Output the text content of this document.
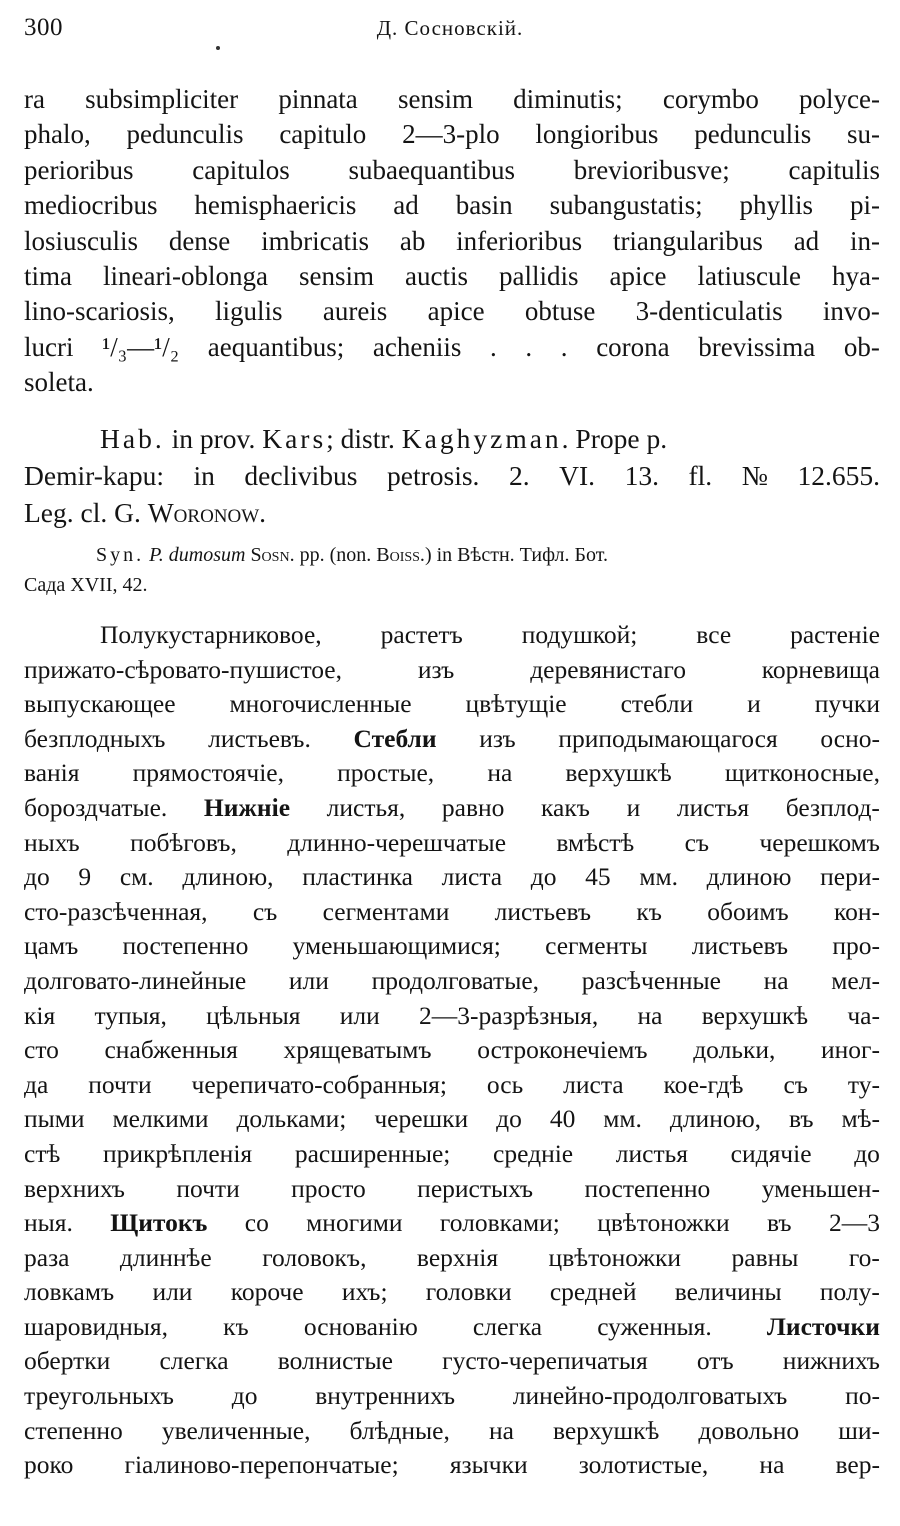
300	Д. Сосновскій.
ra subsimpliciter pinnata sensim diminutis; corymbo polyce-
phalo, pedunculis capitulo 2—3-plo longioribus pedunculis su-
perioribus capitulos subaequantibus brevioribusve; capitulis
mediocribus hemisphaericis ad basin subangustatis; phyllis pi-
losiusculis dense imbricatis ab inferioribus triangularibus ad in-
tima lineari-oblonga sensim auctis pallidis apice latiuscule hya-
lino-scariosis, ligulis aureis apice obtuse 3-denticulatis invo-
lucri ¹/₃—¹/₂ aequantibus; acheniis . . . corona brevissima ob-
soleta.
Hab. in prov. Kars; distr. Kaghyzman. Prope p.
Demir-kapu: in declivibus petrosis. 2. VI. 13. fl. № 12.655.
Leg. cl. G. Woronow.
Syn. P. dumosum Sosn. pp. (non. Boiss.) in Вѣстн. Тифл. Бот.
Сада XVII, 42.
Полукустарниковое, растетъ подушкой; все растеніе
прижато-сѣровато-пушистое,	изъ	деревянистаго	корневища
выпускающее многочисленные цвѣтущіе стебли и пучки
безплодныхъ листьевъ. Стебли изъ приподымающагося осно-
ванія прямостоячіе, простые, на верхушкѣ щитконосные,
бороздчатые. Нижніе листья, равно какъ и листья безплод-
ныхъ побѣговъ, длинно-черешчатые вмѣстѣ съ черешкомъ
до 9 см. длиною, пластинка листа до 45 мм. длиною пери-
сто-разсѣченная, съ сегментами листьевъ къ обоимъ кон-
цамъ постепенно уменьшающимися; сегменты листьевъ про-
долговато-линейные или продолговатые, разсѣченные на мел-
кія тупыя, цѣльныя или 2—3-разрѣзныя, на верхушкѣ ча-
сто снабженныя хрящеватымъ остроконечіемъ дольки, иног-
да почти черепичато-собранныя; ось листа кое-гдѣ съ ту-
пыми мелкими дольками; черешки до 40 мм. длиною, въ мѣ-
стѣ прикрѣпленія расширенные; средніе листья сидячіе до
верхнихъ почти просто перистыхъ постепенно уменьшен-
ныя. Щитокъ со многими головками; цвѣтоножки въ 2—3
раза длиннѣе головокъ, верхнія цвѣтоножки равны го-
ловкамъ или короче ихъ; головки средней величины полу-
шаровидныя, къ основанію слегка суженныя. Листочки
обертки слегка волнистые густо-черепичатыя отъ нижнихъ
треугольныхъ до внутреннихъ линейно-продолговатыхъ по-
степенно увеличенные, блѣдные, на верхушкѣ довольно ши-
роко гіалиново-перепончатые; язычки золотистые, на вер-
